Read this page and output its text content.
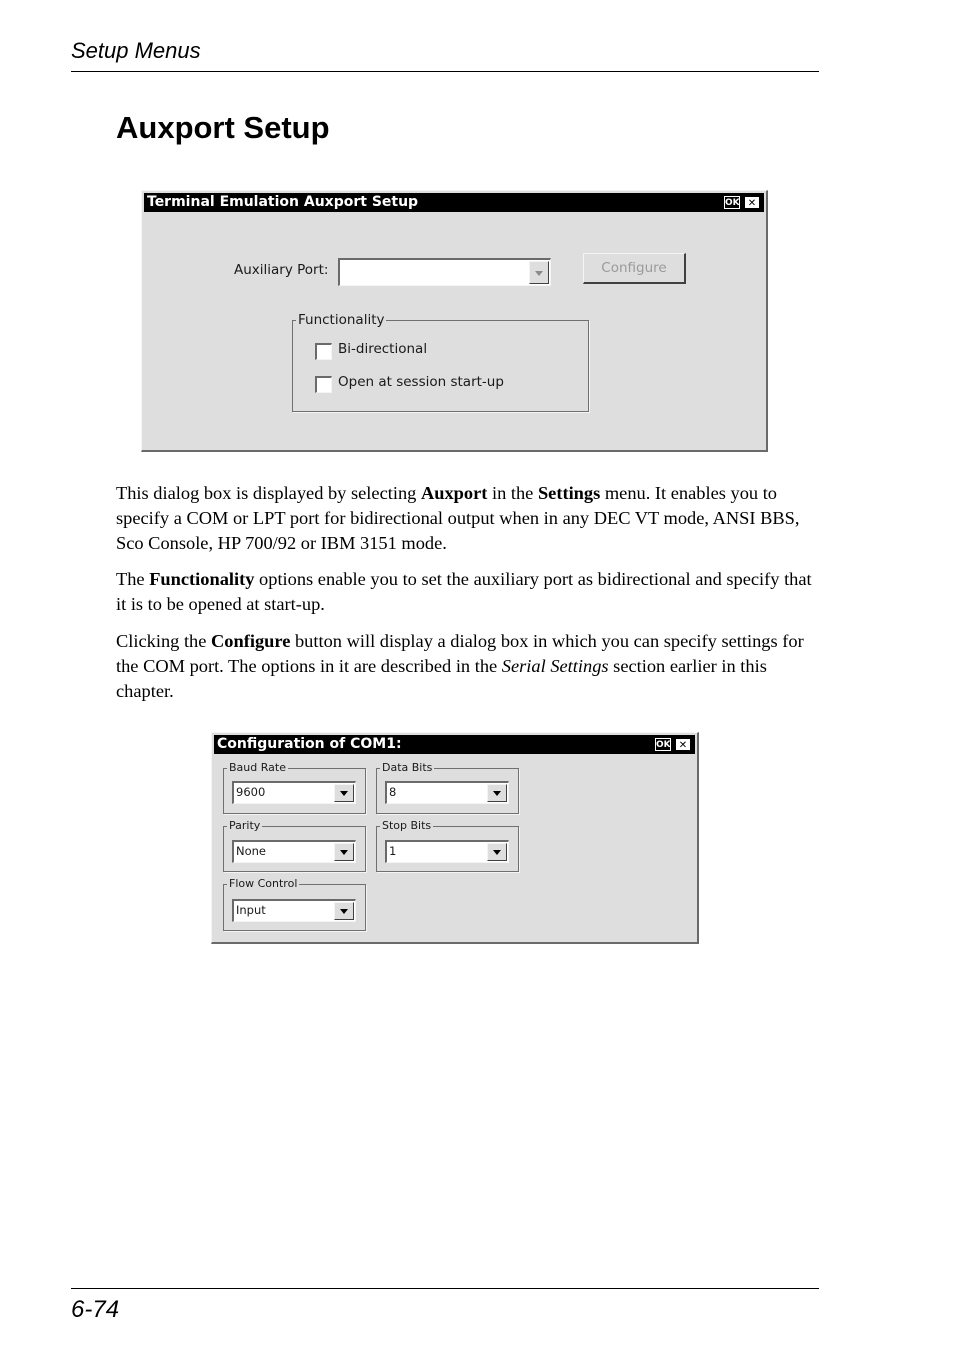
Setup Menus
Auxport Setup
Terminal Emulation Auxport Setup	OK ✕
Auxiliary Port:	Configure
Functionality
Bi-directional
Open at session start-up

This dialog box is displayed by selecting Auxport in the Settings menu. It enables you to specify a COM or LPT port for bidirectional output when in any DEC VT mode, ANSI BBS, Sco Console, HP 700/92 or IBM 3151 mode.

The Functionality options enable you to set the auxiliary port as bidirectional and specify that it is to be opened at start-up.

Clicking the Configure button will display a dialog box in which you can specify settings for the COM port. The options in it are described in the Serial Settings section earlier in this chapter.

Configuration of COM1:	OK ✕
Baud Rate
9600
Data Bits
8
Parity
None
Stop Bits
1
Flow Control
Input
6-74
